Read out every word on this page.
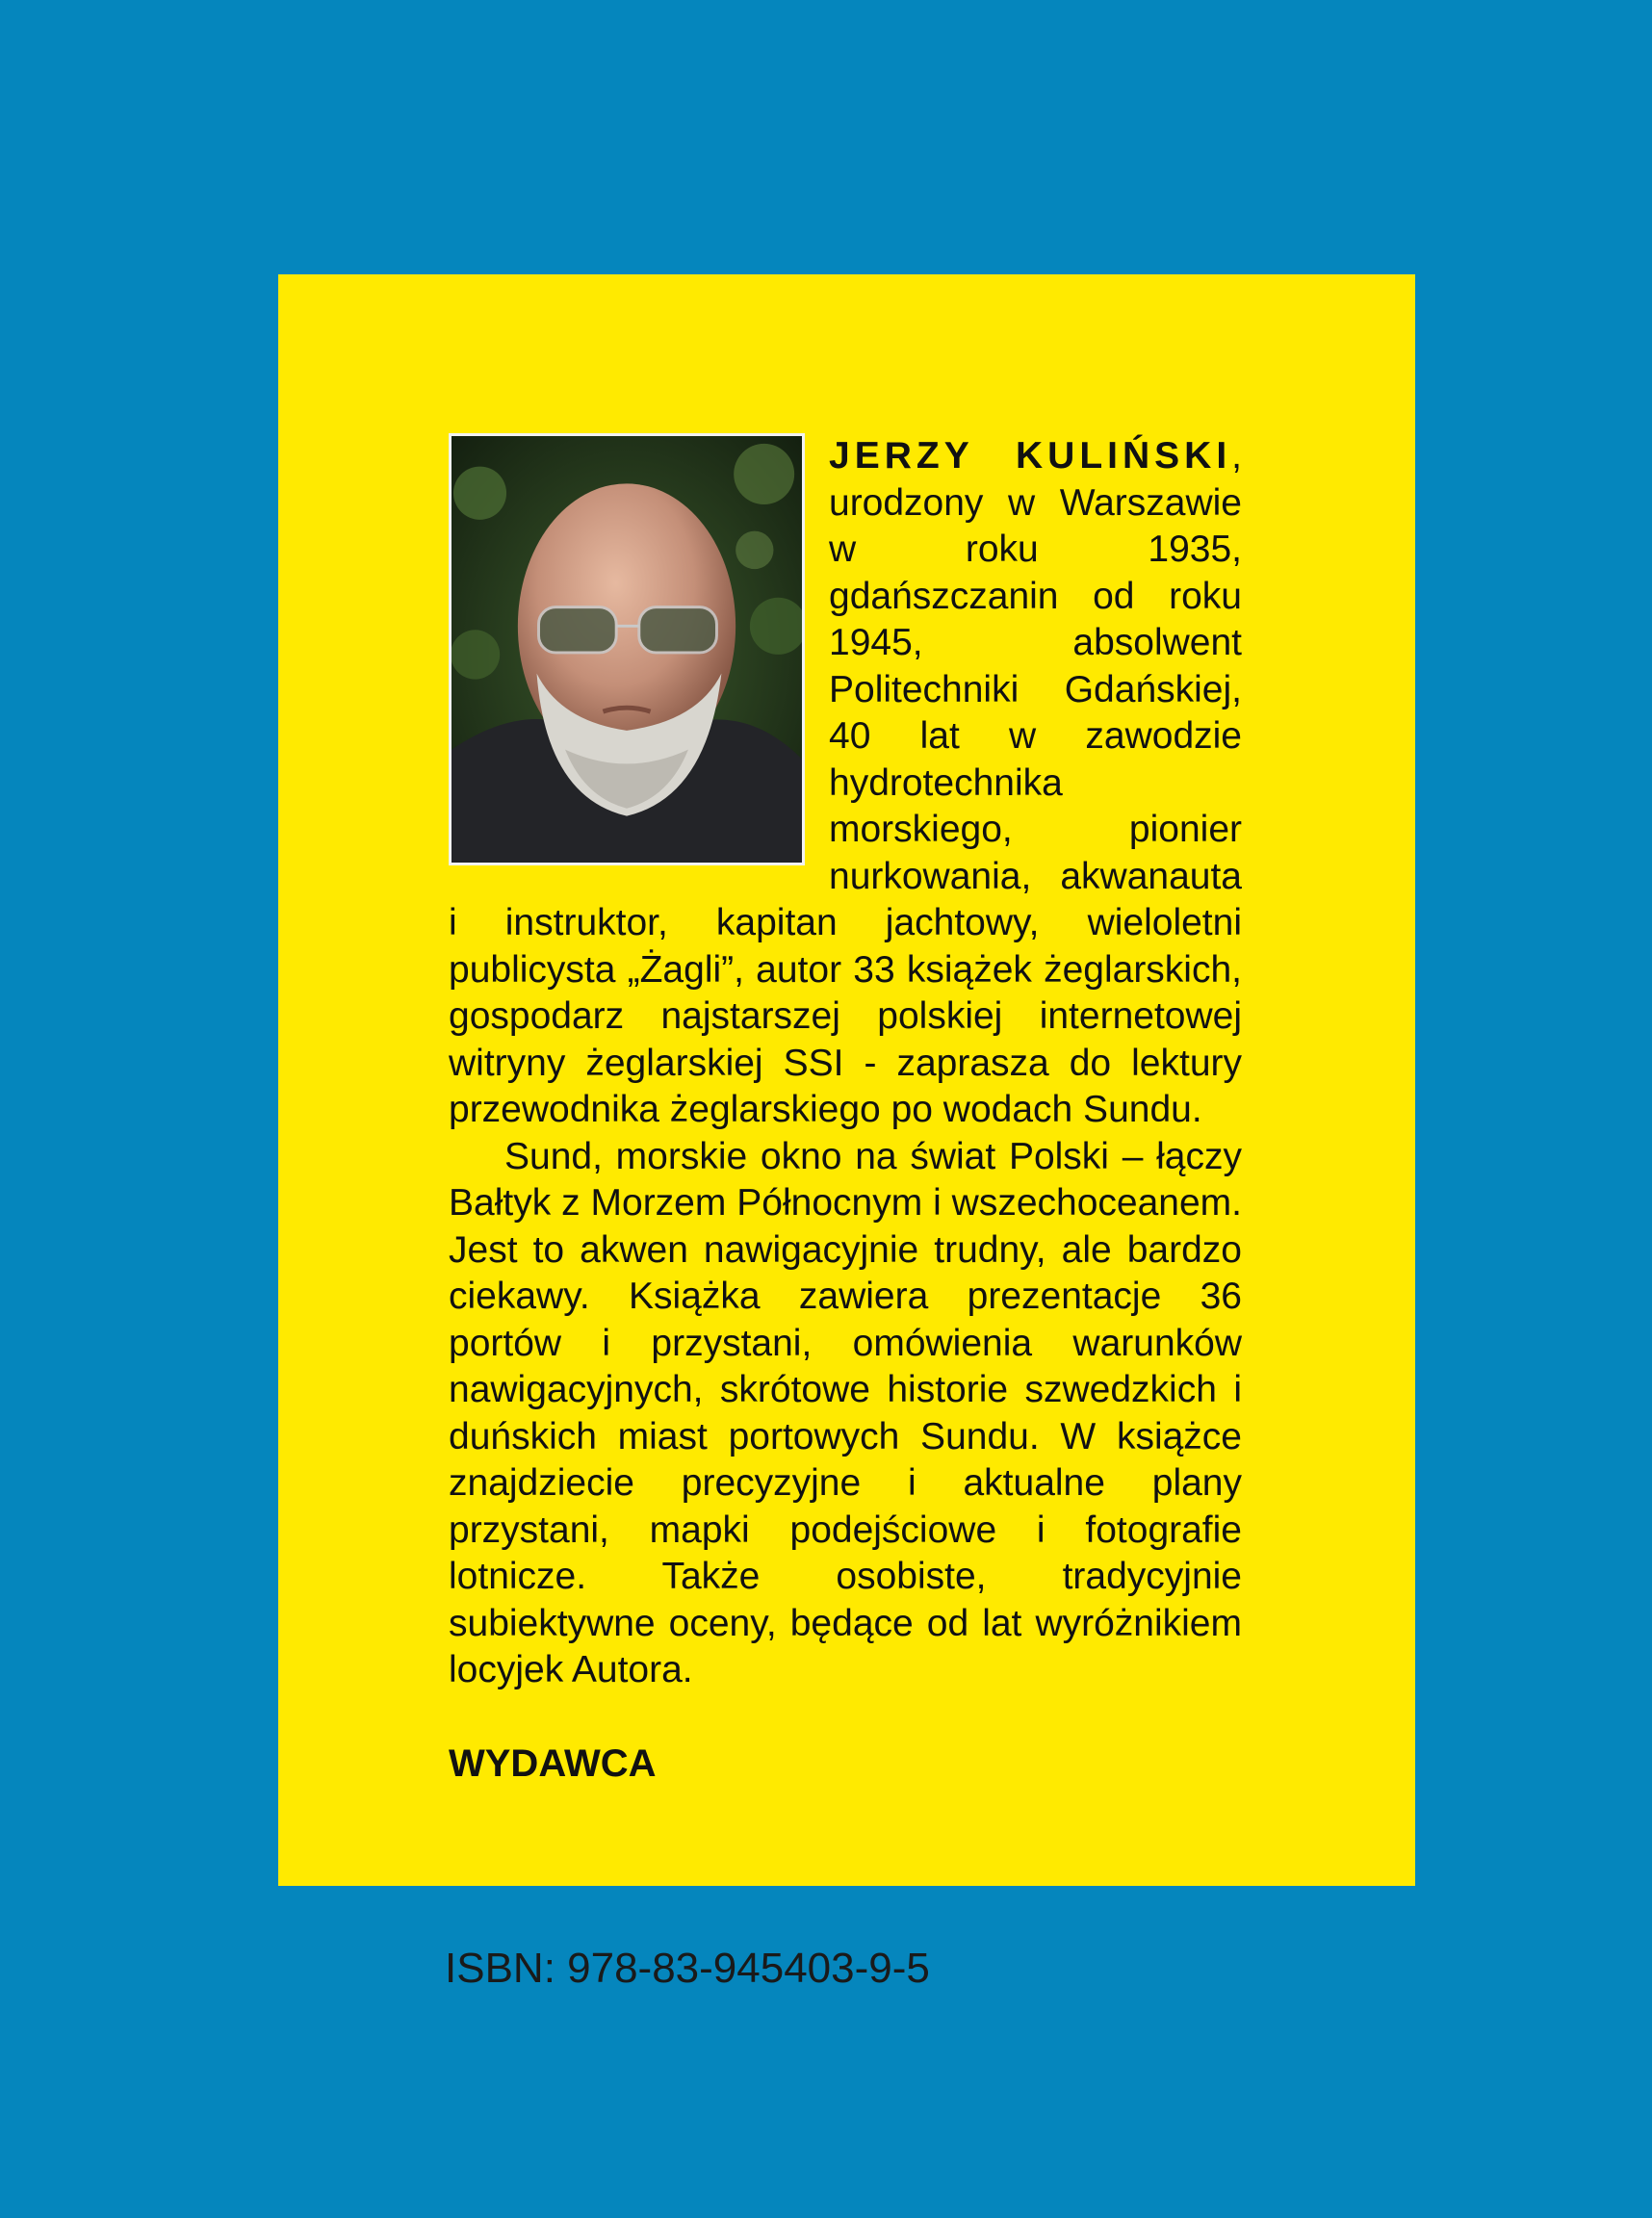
JERZY KULIŃSKI, urodzony w Warszawie w roku 1935, gdańszczanin od roku 1945, absolwent Politechniki Gdańskiej, 40 lat w zawodzie hydrotechnika morskiego, pionier nurkowania, akwanauta i instruktor, kapitan jachtowy, wieloletni publicysta „Żagli”, autor 33 książek żeglarskich, gospodarz najstarszej polskiej internetowej witryny żeglarskiej SSI - zaprasza do lektury przewodnika żeglarskiego po wodach Sundu.

Sund, morskie okno na świat Polski – łączy Bałtyk z Morzem Północnym i wszechoceanem. Jest to akwen nawigacyjnie trudny, ale bardzo ciekawy. Książka zawiera prezentacje 36 portów i przystani, omówienia warunków nawigacyjnych, skrótowe historie szwedzkich i duńskich miast portowych Sundu. W książce znajdziecie precyzyjne i aktualne plany przystani, mapki podejściowe i fotografie lotnicze. Także osobiste, tradycyjnie subiektywne oceny, będące od lat wyróżnikiem locyjek Autora.

WYDAWCA
ISBN: 978-83-945403-9-5
